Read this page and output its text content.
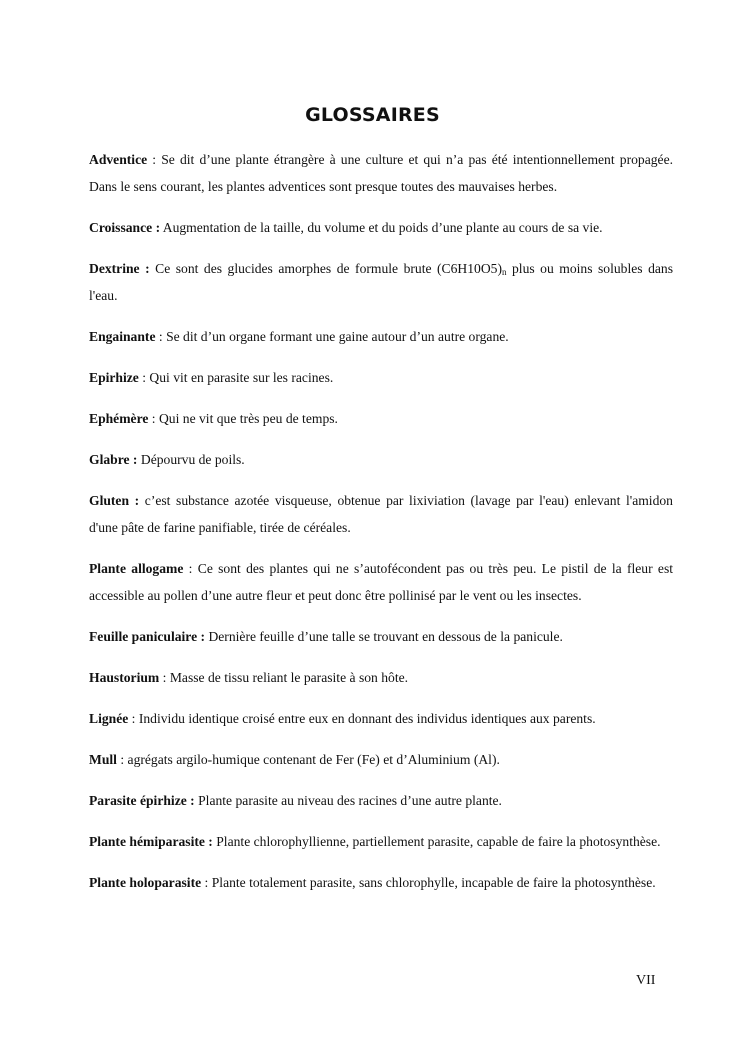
GLOSSAIRES

Adventice : Se dit d’une plante étrangère à une culture et qui n’a pas été intentionnellement propagée. Dans le sens courant, les plantes adventices sont presque toutes des mauvaises herbes.

Croissance : Augmentation de la taille, du volume et du poids d’une plante au cours de sa vie.

Dextrine : Ce sont des glucides amorphes de formule brute $(C6H10O5)_n$ plus ou moins solubles dans l'eau.

Engainante : Se dit d’un organe formant une gaine autour d’un autre organe.

Epirhize : Qui vit en parasite sur les racines.

Ephémère : Qui ne vit que très peu de temps.

Glabre : Dépourvu de poils.

Gluten : c’est substance azotée visqueuse, obtenue par lixiviation (lavage par l'eau) enlevant l'amidon d'une pâte de farine panifiable, tirée de céréales.

Plante allogame : Ce sont des plantes qui ne s’autofécondent pas ou très peu. Le pistil de la fleur est accessible au pollen d’une autre fleur et peut donc être pollinisé par le vent ou les insectes.

Feuille paniculaire : Dernière feuille d’une talle se trouvant en dessous de la panicule.

Haustorium : Masse de tissu reliant le parasite à son hôte.

Lignée : Individu identique croisé entre eux en donnant des individus identiques aux parents.

Mull : agrégats argilo-humique contenant de Fer (Fe) et d’Aluminium (Al).

Parasite épirhize : Plante parasite au niveau des racines d’une autre plante.

Plante hémiparasite : Plante chlorophyllienne, partiellement parasite, capable de faire la photosynthèse.

Plante holoparasite : Plante totalement parasite, sans chlorophylle, incapable de faire la photosynthèse.

VII
